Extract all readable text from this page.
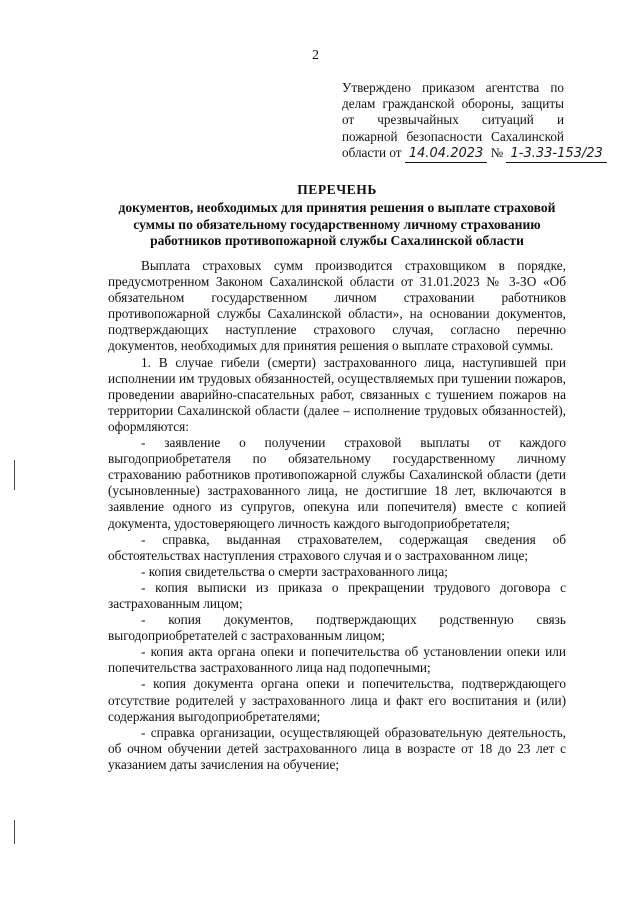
2
Утверждено приказом агентства по
делам гражданской обороны, защиты
от чрезвычайных ситуаций и
пожарной безопасности Сахалинской
области от 14.04.2023 № 1-3.33-153/23
ПЕРЕЧЕНЬ
документов, необходимых для принятия решения о выплате страховой суммы по обязательному государственному личному страхованию работников противопожарной службы Сахалинской области

Выплата страховых сумм производится страховщиком в порядке, предусмотренном Законом Сахалинской области от 31.01.2023 № 3-ЗО «Об обязательном государственном личном страховании работников противопожарной службы Сахалинской области», на основании документов, подтверждающих наступление страхового случая, согласно перечню документов, необходимых для принятия решения о выплате страховой суммы.

1. В случае гибели (смерти) застрахованного лица, наступившей при исполнении им трудовых обязанностей, осуществляемых при тушении пожаров, проведении аварийно-спасательных работ, связанных с тушением пожаров на территории Сахалинской области (далее – исполнение трудовых обязанностей), оформляются:

- заявление о получении страховой выплаты от каждого выгодоприобретателя по обязательному государственному личному страхованию работников противопожарной службы Сахалинской области (дети (усыновленные) застрахованного лица, не достигшие 18 лет, включаются в заявление одного из супругов, опекуна или попечителя) вместе с копией документа, удостоверяющего личность каждого выгодоприобретателя;

- справка, выданная страхователем, содержащая сведения об обстоятельствах наступления страхового случая и о застрахованном лице;

- копия свидетельства о смерти застрахованного лица;

- копия выписки из приказа о прекращении трудового договора с застрахованным лицом;

- копия документов, подтверждающих родственную связь выгодоприобретателей с застрахованным лицом;

- копия акта органа опеки и попечительства об установлении опеки или попечительства застрахованного лица над подопечными;

- копия документа органа опеки и попечительства, подтверждающего отсутствие родителей у застрахованного лица и факт его воспитания и (или) содержания выгодоприобретателями;

- справка организации, осуществляющей образовательную деятельность, об очном обучении детей застрахованного лица в возрасте от 18 до 23 лет с указанием даты зачисления на обучение;
